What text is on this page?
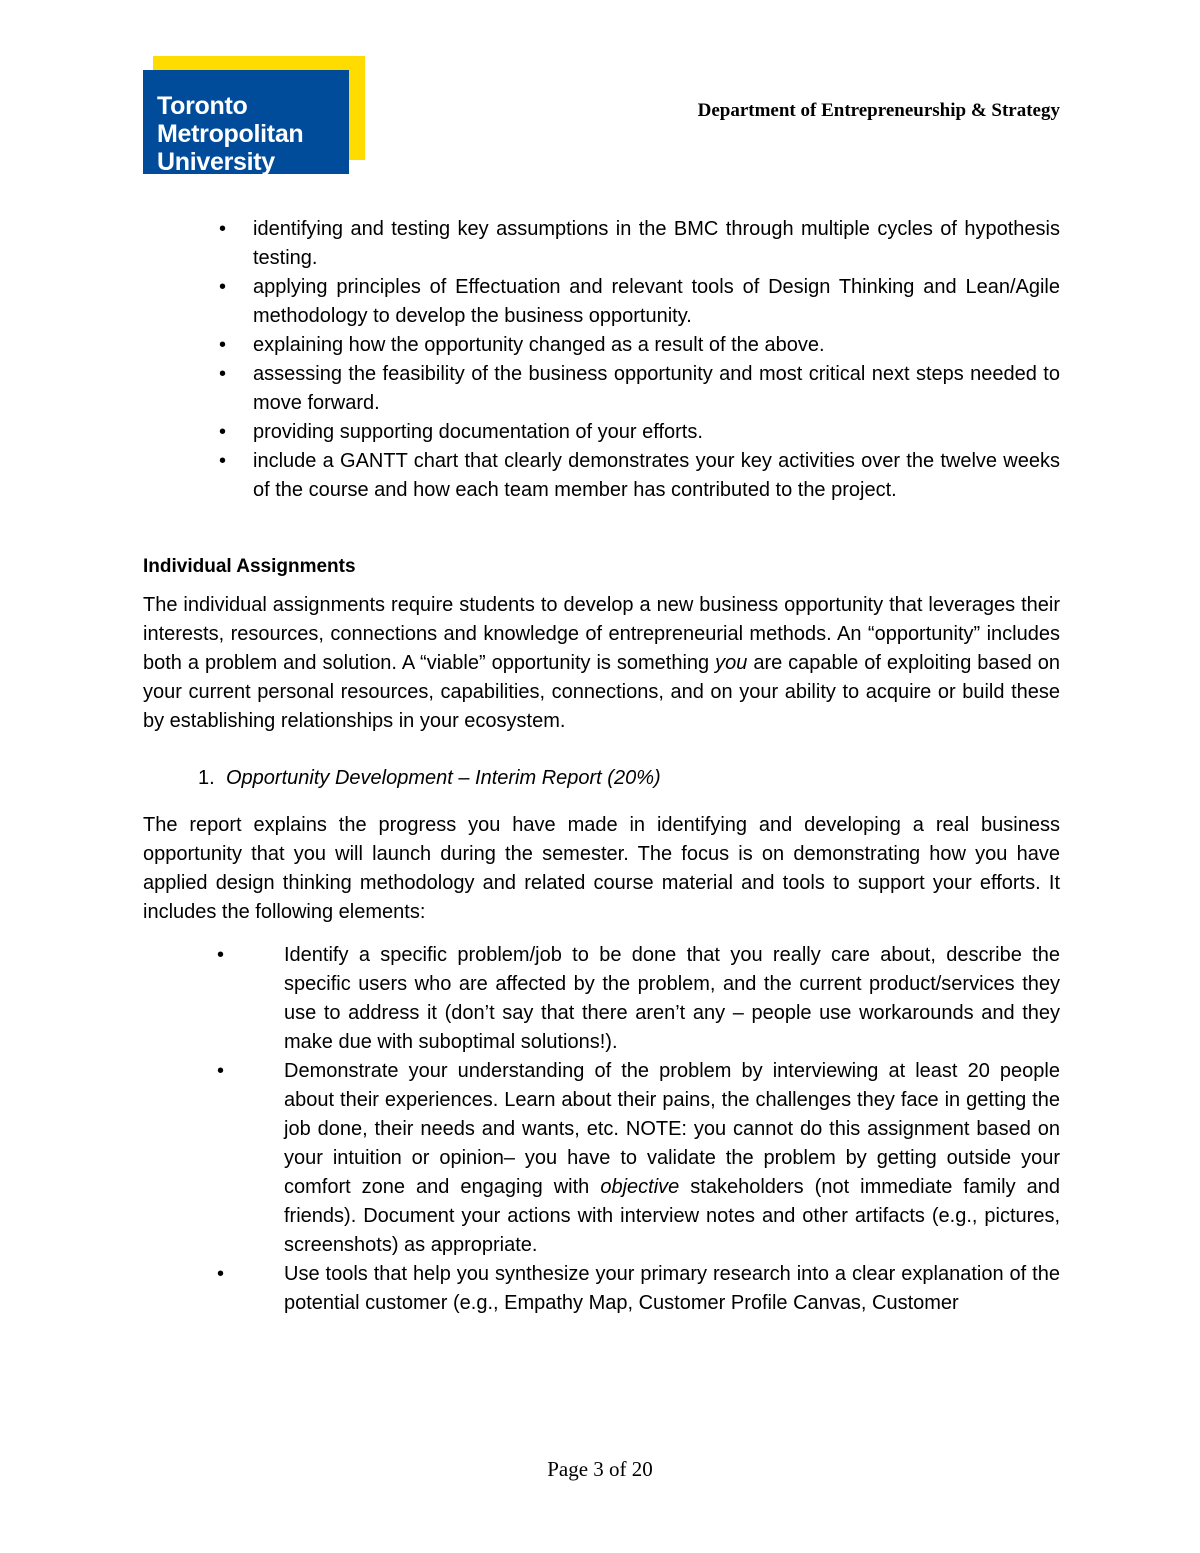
Toronto
Metropolitan
University
Department of Entrepreneurship & Strategy
• identifying and testing key assumptions in the BMC through multiple cycles of hypothesis testing.
• applying principles of Effectuation and relevant tools of Design Thinking and Lean/Agile methodology to develop the business opportunity.
• explaining how the opportunity changed as a result of the above.
• assessing the feasibility of the business opportunity and most critical next steps needed to move forward.
• providing supporting documentation of your efforts.
• include a GANTT chart that clearly demonstrates your key activities over the twelve weeks of the course and how each team member has contributed to the project.
Individual Assignments

The individual assignments require students to develop a new business opportunity that leverages their interests, resources, connections and knowledge of entrepreneurial methods. An “opportunity” includes both a problem and solution. A “viable” opportunity is something you are capable of exploiting based on your current personal resources, capabilities, connections, and on your ability to acquire or build these by establishing relationships in your ecosystem.

1. Opportunity Development – Interim Report (20%)

The report explains the progress you have made in identifying and developing a real business opportunity that you will launch during the semester. The focus is on demonstrating how you have applied design thinking methodology and related course material and tools to support your efforts. It includes the following elements:

•	Identify a specific problem/job to be done that you really care about, describe the specific users who are affected by the problem, and the current product/services they use to address it (don’t say that there aren’t any – people use workarounds and they make due with suboptimal solutions!).
•	Demonstrate your understanding of the problem by interviewing at least 20 people about their experiences. Learn about their pains, the challenges they face in getting the job done, their needs and wants, etc. NOTE: you cannot do this assignment based on your intuition or opinion– you have to validate the problem by getting outside your comfort zone and engaging with objective stakeholders (not immediate family and friends). Document your actions with interview notes and other artifacts (e.g., pictures, screenshots) as appropriate.
•	Use tools that help you synthesize your primary research into a clear explanation of the potential customer (e.g., Empathy Map, Customer Profile Canvas, Customer
Page 3 of 20
